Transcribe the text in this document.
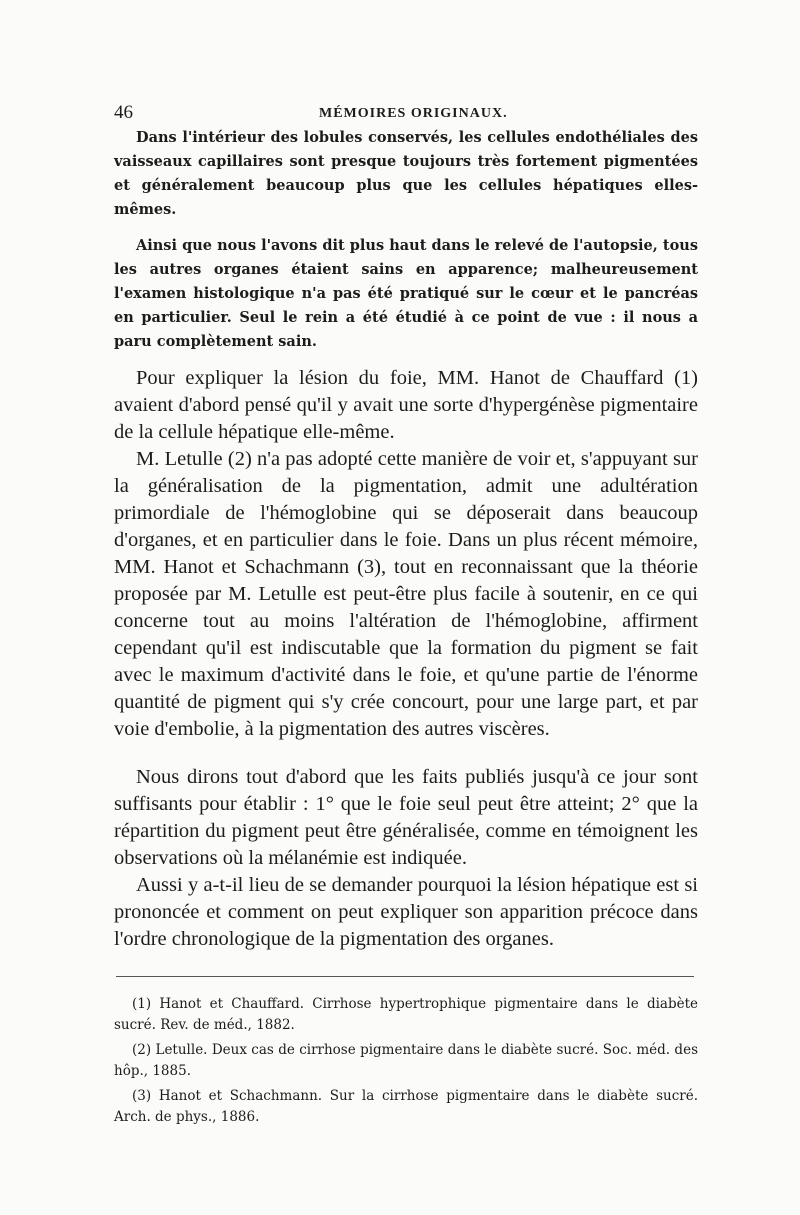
46	MÉMOIRES ORIGINAUX.

Dans l'intérieur des lobules conservés, les cellules endothéliales des vaisseaux capillaires sont presque toujours très fortement pigmentées et généralement beaucoup plus que les cellules hépatiques elles-mêmes.

Ainsi que nous l'avons dit plus haut dans le relevé de l'autopsie, tous les autres organes étaient sains en apparence; malheureusement l'examen histologique n'a pas été pratiqué sur le cœur et le pancréas en particulier. Seul le rein a été étudié à ce point de vue : il nous a paru complètement sain.

Pour expliquer la lésion du foie, MM. Hanot de Chauffard (1) avaient d'abord pensé qu'il y avait une sorte d'hypergénèse pigmentaire de la cellule hépatique elle-même.

M. Letulle (2) n'a pas adopté cette manière de voir et, s'appuyant sur la généralisation de la pigmentation, admit une adultération primordiale de l'hémoglobine qui se déposerait dans beaucoup d'organes, et en particulier dans le foie. Dans un plus récent mémoire, MM. Hanot et Schachmann (3), tout en reconnaissant que la théorie proposée par M. Letulle est peut-être plus facile à soutenir, en ce qui concerne tout au moins l'altération de l'hémoglobine, affirment cependant qu'il est indiscutable que la formation du pigment se fait avec le maximum d'activité dans le foie, et qu'une partie de l'énorme quantité de pigment qui s'y crée concourt, pour une large part, et par voie d'embolie, à la pigmentation des autres viscères.

Nous dirons tout d'abord que les faits publiés jusqu'à ce jour sont suffisants pour établir : 1° que le foie seul peut être atteint; 2° que la répartition du pigment peut être généralisée, comme en témoignent les observations où la mélanémie est indiquée.

Aussi y a-t-il lieu de se demander pourquoi la lésion hépatique est si prononcée et comment on peut expliquer son apparition précoce dans l'ordre chronologique de la pigmentation des organes.

(1) Hanot et Chauffard. Cirrhose hypertrophique pigmentaire dans le diabète sucré. Rev. de méd., 1882.

(2) Letulle. Deux cas de cirrhose pigmentaire dans le diabète sucré. Soc. méd. des hôp., 1885.

(3) Hanot et Schachmann. Sur la cirrhose pigmentaire dans le diabète sucré. Arch. de phys., 1886.
